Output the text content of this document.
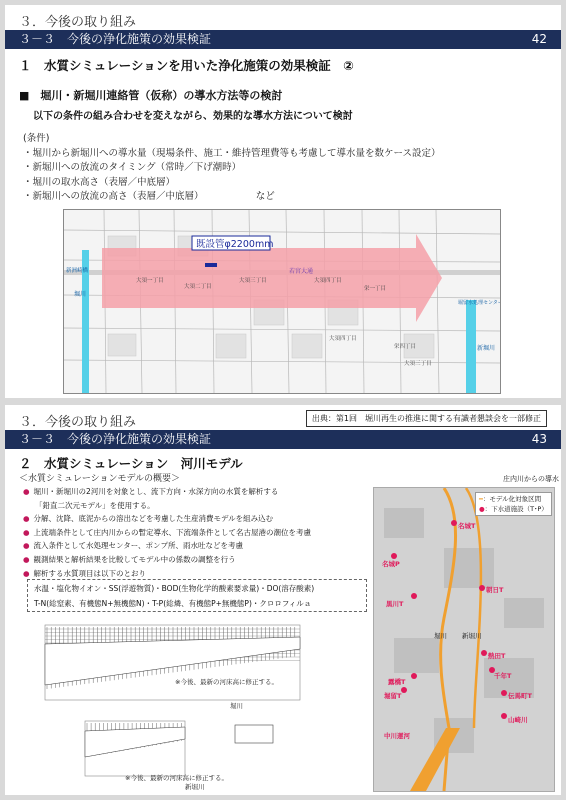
３．今後の取り組み
３－３　今後の浄化施策の効果検証	42
１　水質シミュレーションを用いた浄化施策の効果検証　②
■　堀川・新堀川連絡管（仮称）の導水方法等の検討
以下の条件の組み合わせを変えながら、効果的な導水方法について検討
(条件)
・堀川から新堀川への導水量（現場条件、施工・維持管理費等も考慮して導水量を数ケース設定）
・新堀川への放流のタイミング（常時／下げ潮時）
・堀川の取水高さ（表層／中底層）
・新堀川への放流の高さ（表層／中底層）　　　　　　など
既設管φ2200mm
若宮大通
新洲崎橋
堀留水処理センター
堀川
新堀川
大須一丁目
大須二丁目
大須三丁目	大須四丁目
栄一丁目
大須四丁目
栄四丁目
大須三丁目
３．今後の取り組み	出典：第1回　堀川再生の推進に関する有識者懇談会を一部修正
３－３　今後の浄化施策の効果検証	43
２　水質シミュレーション　河川モデル
＜水質シミュレーションモデルの概要＞
● 堀川・新堀川の2河川を対象とし、流下方向・水深方向の水質を解析する
「鉛直二次元モデル」を使用する。
● 分解、沈降、底泥からの溶出などを考慮した生産消費モデルを組み込む
● 上流端条件として庄内川からの暫定導水、下流端条件として名古屋港の潮位を考慮
● 流入条件として水処理センター、ポンプ所、雨水吐などを考慮
● 観測結果と解析結果を比較してモデル中の係数の調整を行う
● 解析する水質項目は以下のとおり
水温・塩化物イオン・SS(浮遊物質)・BOD(生物化学的酸素要求量)・DO(溶存酸素)
T-N(総窒素、有機態N+無機態N)・T-P(総燐、有機態P+無機態P)・クロロフィルａ
※今後、最新の河床高に修正する。
堀川
※今後、最新の河床高に修正する。
新堀川
名城T
名城P
朝日T
黒川T
熱田T
千年T
露橋T
堀留T	伝馬町T
山崎川
中川運河
新堀川
堀川
庄内川からの導水
━：モデル化対象区間
●：下水道施設（T･P）
